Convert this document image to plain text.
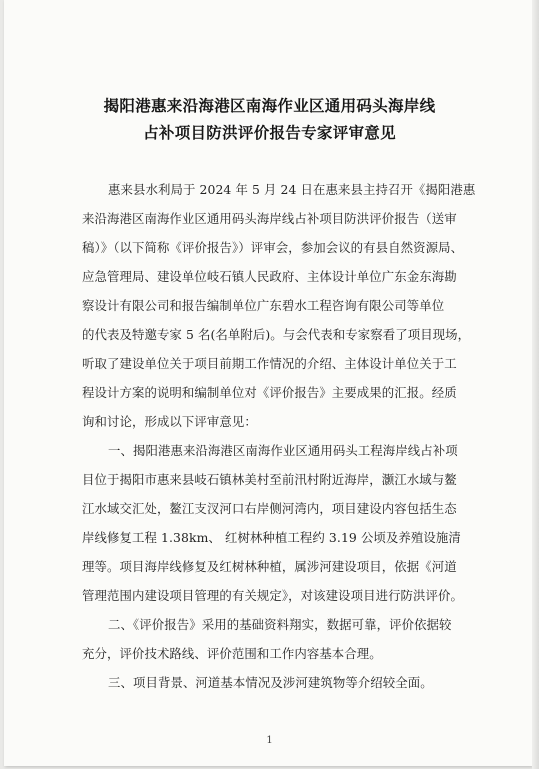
揭阳港惠来沿海港区南海作业区通用码头海岸线
占补项目防洪评价报告专家评审意见
惠来县水利局于 2024 年 5 月 24 日在惠来县主持召开《揭阳港惠
来沿海港区南海作业区通用码头海岸线占补项目防洪评价报告（送审
稿）》（以下简称《评价报告》）评审会，参加会议的有县自然资源局、
应急管理局、建设单位岐石镇人民政府、主体设计单位广东金东海勘
察设计有限公司和报告编制单位广东碧水工程咨询有限公司等单位
的代表及特邀专家 5 名(名单附后)。与会代表和专家察看了项目现场，
听取了建设单位关于项目前期工作情况的介绍、主体设计单位关于工
程设计方案的说明和编制单位对《评价报告》主要成果的汇报。经质
询和讨论，形成以下评审意见：
一、揭阳港惠来沿海港区南海作业区通用码头工程海岸线占补项
目位于揭阳市惠来县岐石镇林美村至前汛村附近海岸，灏江水域与鳌
江水域交汇处，鳌江支汊河口右岸侧河湾内，项目建设内容包括生态
岸线修复工程 1.38km、 红树林种植工程约 3.19 公顷及养殖设施清
理等。项目海岸线修复及红树林种植，属涉河建设项目，依据《河道
管理范围内建设项目管理的有关规定》，对该建设项目进行防洪评价。
二、《评价报告》采用的基础资料翔实，数据可靠，评价依据较
充分，评价技术路线、评价范围和工作内容基本合理。
三、项目背景、河道基本情况及涉河建筑物等介绍较全面。
1
